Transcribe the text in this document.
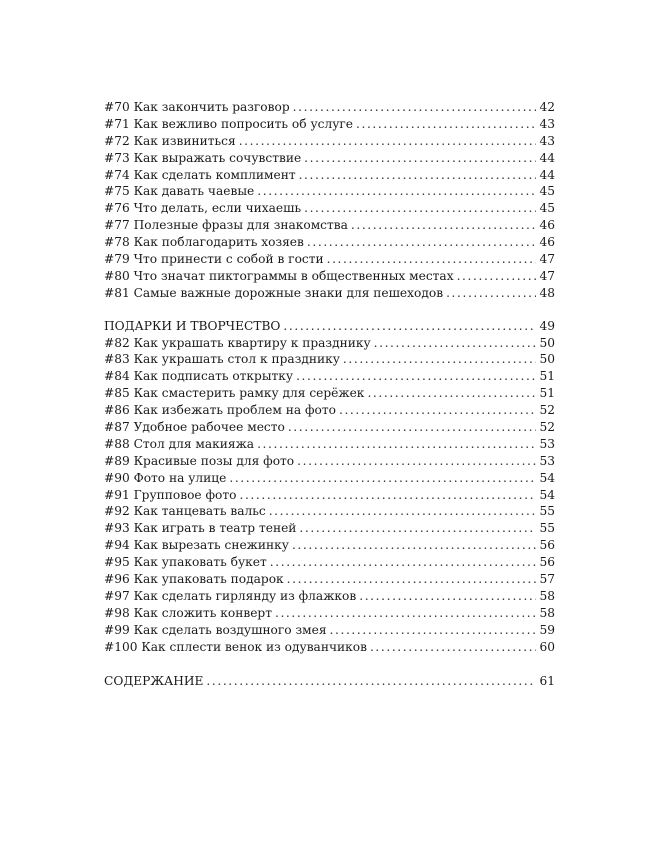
#70 Как закончить разговор .....	42
#71 Как вежливо попросить об услуге .....	43
#72 Как извиниться .....	43
#73 Как выражать сочувствие .....	44
#74 Как сделать комплимент .....	44
#75 Как давать чаевые .....	45
#76 Что делать, если чихаешь .....	45
#77 Полезные фразы для знакомства .....	46
#78 Как поблагодарить хозяев .....	46
#79 Что принести с собой в гости .....	47
#80 Что значат пиктограммы в общественных местах .....	47
#81 Самые важные дорожные знаки для пешеходов .....	48
ПОДАРКИ И ТВОРЧЕСТВО .....	49
#82 Как украшать квартиру к празднику .....	50
#83 Как украшать стол к празднику .....	50
#84 Как подписать открытку .....	51
#85 Как смастерить рамку для серёжек .....	51
#86 Как избежать проблем на фото .....	52
#87 Удобное рабочее место .....	52
#88 Стол для макияжа .....	53
#89 Красивые позы для фото .....	53
#90 Фото на улице .....	54
#91 Групповое фото .....	54
#92 Как танцевать вальс .....	55
#93 Как играть в театр теней .....	55
#94 Как вырезать снежинку .....	56
#95 Как упаковать букет .....	56
#96 Как упаковать подарок .....	57
#97 Как сделать гирлянду из флажков .....	58
#98 Как сложить конверт .....	58
#99 Как сделать воздушного змея .....	59
#100 Как сплести венок из одуванчиков .....	60
СОДЕРЖАНИЕ .....	61
